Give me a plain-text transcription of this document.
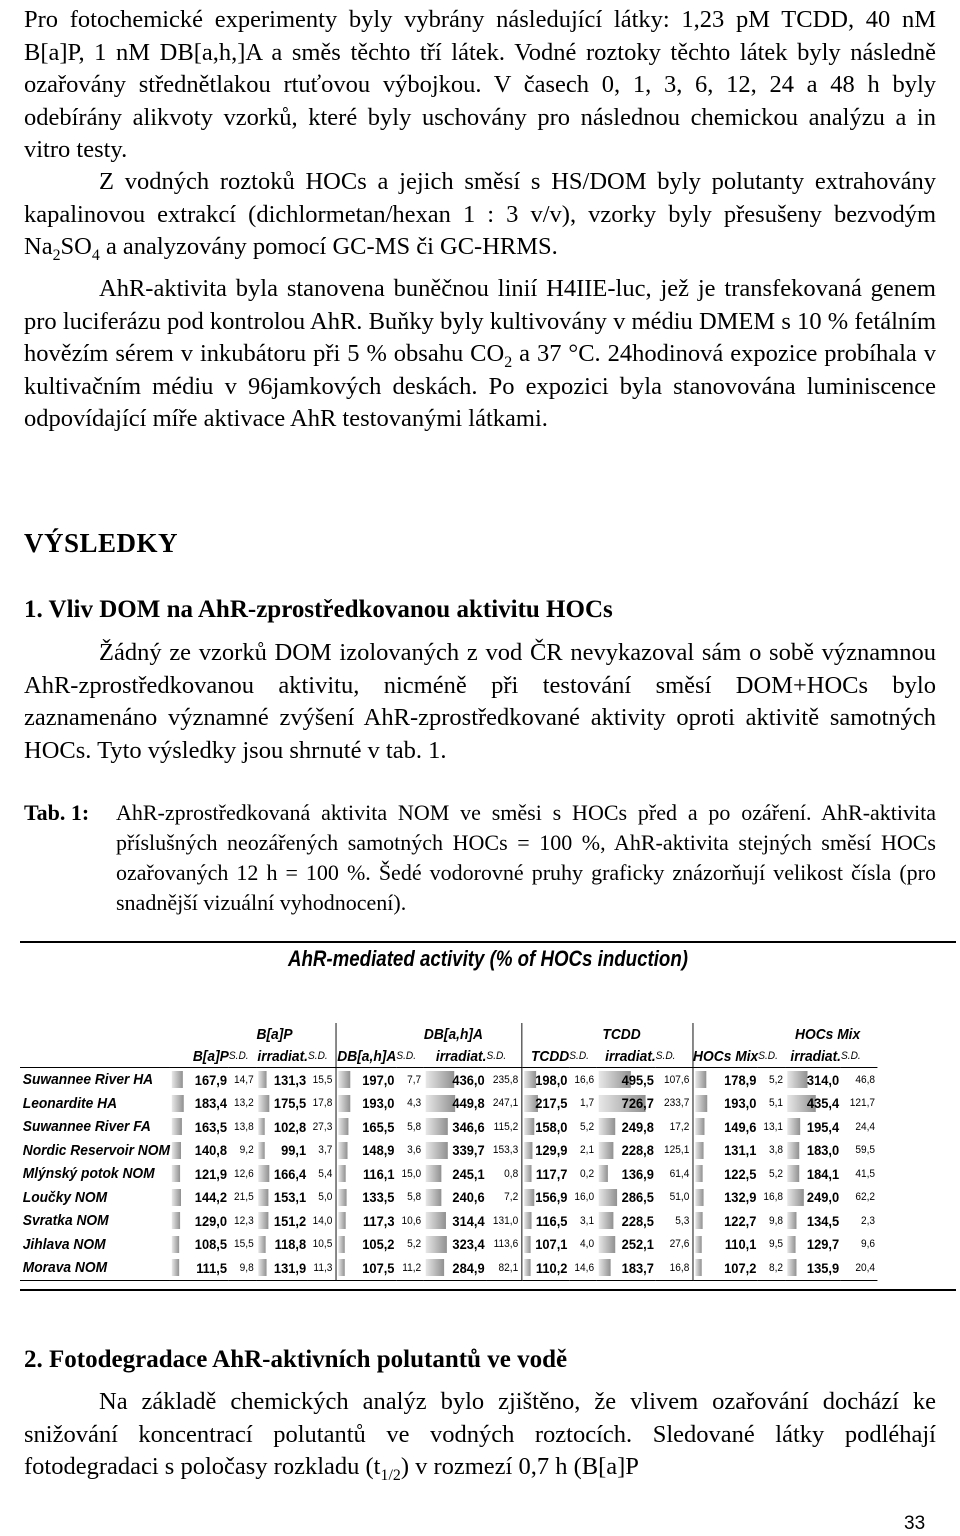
Pro fotochemické experimenty byly vybrány následující látky: 1,23 pM TCDD, 40 nM B[a]P, 1 nM DB[a,h,]A a směs těchto tří látek. Vodné roztoky těchto látek byly následně ozařovány střednětlakou rtuťovou výbojkou. V časech 0, 1, 3, 6, 12, 24 a 48 h byly odebírány alikvoty vzorků, které byly uschovány pro následnou chemickou analýzu a in vitro testy.

Z vodných roztoků HOCs a jejich směsí s HS/DOM byly polutanty extrahovány kapalinovou extrakcí (dichlormetan/hexan 1 : 3 v/v), vzorky byly přesušeny bezvodým $Na_2SO_4$ a analyzovány pomocí GC-MS či GC-HRMS.

AhR-aktivita byla stanovena buněčnou linií H4IIE-luc, jež je transfekovaná genem pro luciferázu pod kontrolou AhR. Buňky byly kultivovány v médiu DMEM s 10 % fetálním hovězím sérem v inkubátoru při 5 % obsahu $CO_2$ a 37 °C. 24hodinová expozice probíhala v kultivačním médiu v 96jamkových deskách. Po expozici byla stanovována luminiscence odpovídající míře aktivace AhR testovanými látkami.

VÝSLEDKY
1. Vliv DOM na AhR-zprostředkovanou aktivitu HOCs

Žádný ze vzorků DOM izolovaných z vod ČR nevykazoval sám o sobě významnou AhR-zprostředkovanou aktivitu, nicméně při testování směsí DOM+HOCs bylo zaznamenáno významné zvýšení AhR-zprostředkované aktivity oproti aktivitě samotných HOCs. Tyto výsledky jsou shrnuté v tab. 1.

Tab. 1: AhR-zprostředkovaná aktivita NOM ve směsi s HOCs před a po ozáření. AhR-aktivita příslušných neozářených samotných HOCs = 100 %, AhR-aktivita stejných směsí HOCs ozařovaných 12 h = 100 %. Šedé vodorovné pruhy graficky znázorňují velikost čísla (pro snadnější vizuální vyhodnocení).
AhR-mediated activity (% of HOCs induction)
			B[a]P				DB[a,h]A				TCDD				HOCs Mix	
	B[a]P	S.D.	irradiat.	S.D.	DB[a,h]A	S.D.	irradiat.	S.D.	TCDD	S.D.	irradiat.	S.D.	HOCs Mix	S.D.	irradiat.	S.D.
Suwannee River HA	167,9	14,7	131,3	15,5	197,0	7,7	436,0	235,8	198,0	16,6	495,5	107,6	178,9	5,2	314,0	46,8
Leonardite HA	183,4	13,2	175,5	17,8	193,0	4,3	449,8	247,1	217,5	1,7	726,7	233,7	193,0	5,1	435,4	121,7
Suwannee River FA	163,5	13,8	102,8	27,3	165,5	5,8	346,6	115,2	158,0	5,2	249,8	17,2	149,6	13,1	195,4	24,4
Nordic Reservoir NOM	140,8	9,2	99,1	3,7	148,9	3,6	339,7	153,3	129,9	2,1	228,8	125,1	131,1	3,8	183,0	59,5
Mlýnský potok NOM	121,9	12,6	166,4	5,4	116,1	15,0	245,1	0,8	117,7	0,2	136,9	61,4	122,5	5,2	184,1	41,5
Loučky NOM	144,2	21,5	153,1	5,0	133,5	5,8	240,6	7,2	156,9	16,0	286,5	51,0	132,9	16,8	249,0	62,2
Svratka NOM	129,0	12,3	151,2	14,0	117,3	10,6	314,4	131,0	116,5	3,1	228,5	5,3	122,7	9,8	134,5	2,3
Jihlava NOM	108,5	15,5	118,8	10,5	105,2	5,2	323,4	113,6	107,1	4,0	252,1	27,6	110,1	9,5	129,7	9,6
Morava NOM	111,5	9,8	131,9	11,3	107,5	11,2	284,9	82,1	110,2	14,6	183,7	16,8	107,2	8,2	135,9	20,4
2. Fotodegradace AhR-aktivních polutantů ve vodě

Na základě chemických analýz bylo zjištěno, že vlivem ozařování dochází ke snižování koncentrací polutantů ve vodných roztocích. Sledované látky podléhají fotodegradaci s poločasy rozkladu $(t_{1/2})$ v rozmezí 0,7 h (B[a]P

33
